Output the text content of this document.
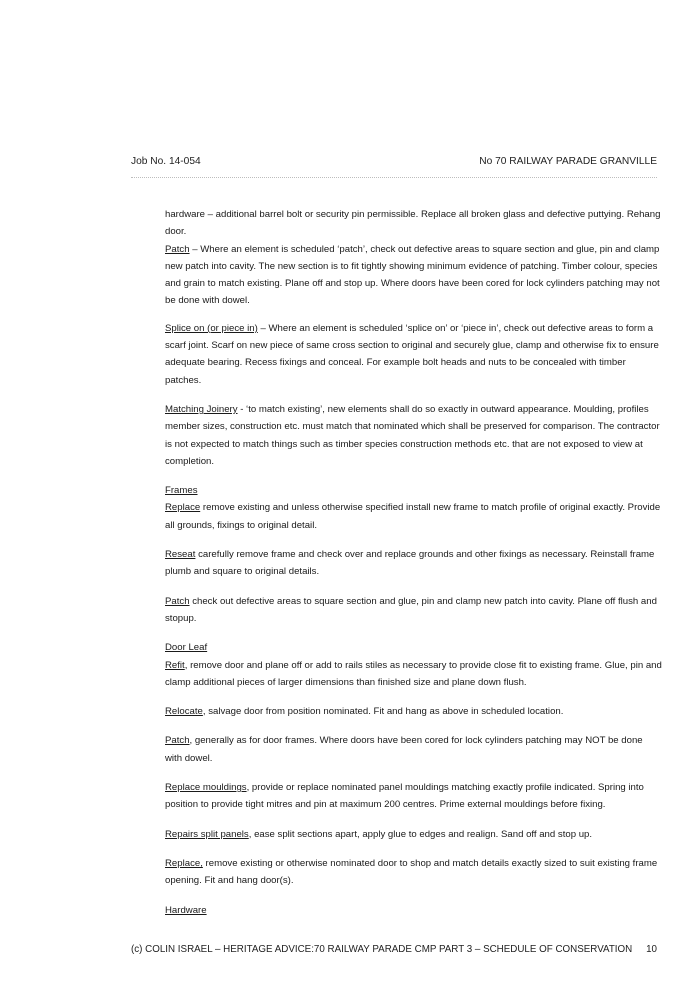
Job No. 14-054	No 70 RAILWAY PARADE GRANVILLE

hardware – additional barrel bolt or security pin permissible. Replace all broken glass and defective puttying. Rehang door.

Patch – Where an element is scheduled ‘patch’, check out defective areas to square section and glue, pin and clamp new patch into cavity. The new section is to fit tightly showing minimum evidence of patching. Timber colour, species and grain to match existing. Plane off and stop up. Where doors have been cored for lock cylinders patching may not be done with dowel.

Splice on (or piece in) – Where an element is scheduled ‘splice on’ or ‘piece in’, check out defective areas to form a scarf joint. Scarf on new piece of same cross section to original and securely glue, clamp and otherwise fix to ensure adequate bearing. Recess fixings and conceal. For example bolt heads and nuts to be concealed with timber patches.

Matching Joinery - ‘to match existing’, new elements shall do so exactly in outward appearance. Moulding, profiles member sizes, construction etc. must match that nominated which shall be preserved for comparison. The contractor is not expected to match things such as timber species construction methods etc. that are not exposed to view at completion.

Frames

Replace remove existing and unless otherwise specified install new frame to match profile of original exactly. Provide all grounds, fixings to original detail.

Reseat carefully remove frame and check over and replace grounds and other fixings as necessary. Reinstall frame plumb and square to original details.

Patch check out defective areas to square section and glue, pin and clamp new patch into cavity. Plane off flush and stopup.

Door Leaf

Refit, remove door and plane off or add to rails stiles as necessary to provide close fit to existing frame. Glue, pin and clamp additional pieces of larger dimensions than finished size and plane down flush.

Relocate, salvage door from position nominated. Fit and hang as above in scheduled location.

Patch, generally as for door frames. Where doors have been cored for lock cylinders patching may NOT be done with dowel.

Replace mouldings, provide or replace nominated panel mouldings matching exactly profile indicated. Spring into position to provide tight mitres and pin at maximum 200 centres. Prime external mouldings before fixing.

Repairs split panels, ease split sections apart, apply glue to edges and realign. Sand off and stop up.

Replace, remove existing or otherwise nominated door to shop and match details exactly sized to suit existing frame opening. Fit and hang door(s).

Hardware

(c) COLIN ISRAEL – HERITAGE ADVICE:70 RAILWAY PARADE CMP PART 3 – SCHEDULE OF CONSERVATION 10
